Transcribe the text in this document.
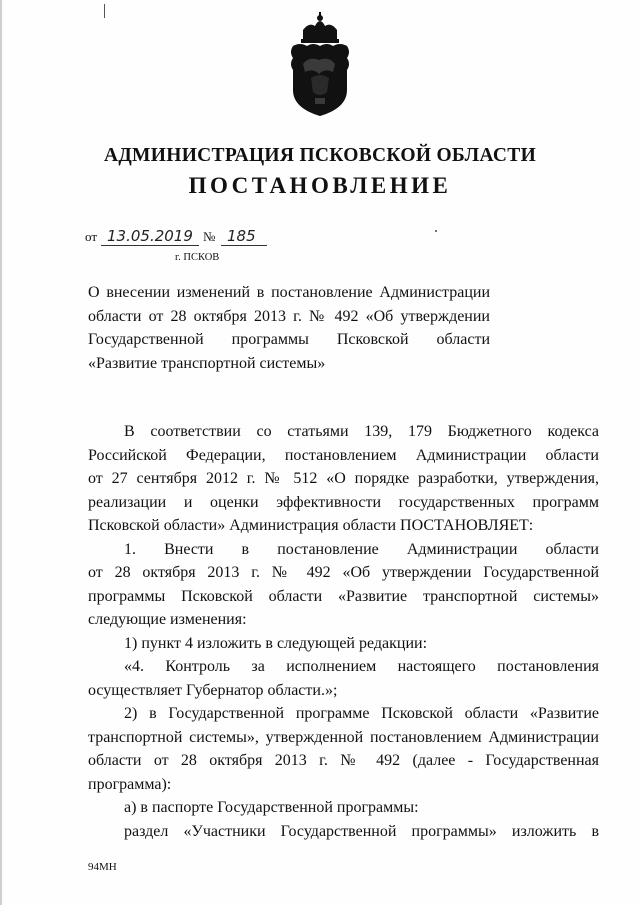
АДМИНИСТРАЦИЯ ПСКОВСКОЙ ОБЛАСТИ
ПОСТАНОВЛЕНИЕ
от 13.05.2019 № 185
г. ПСКОВ
О внесении изменений в постановление Администрации
области от 28 октября 2013 г. № 492 «Об утверждении
Государственной программы Псковской области
«Развитие транспортной системы»
В соответствии со статьями 139, 179 Бюджетного кодекса
Российской Федерации, постановлением Администрации области
от 27 сентября 2012 г. № 512 «О порядке разработки, утверждения,
реализации и оценки эффективности государственных программ
Псковской области» Администрация области ПОСТАНОВЛЯЕТ:
1. Внести в постановление Администрации области
от 28 октября 2013 г. № 492 «Об утверждении Государственной
программы Псковской области «Развитие транспортной системы»
следующие изменения:
1) пункт 4 изложить в следующей редакции:
«4. Контроль за исполнением настоящего постановления
осуществляет Губернатор области.»;
2) в Государственной программе Псковской области «Развитие
транспортной системы», утвержденной постановлением Администрации
области от 28 октября 2013 г. № 492 (далее - Государственная
программа):
а) в паспорте Государственной программы:
раздел «Участники Государственной программы» изложить в
94МН
